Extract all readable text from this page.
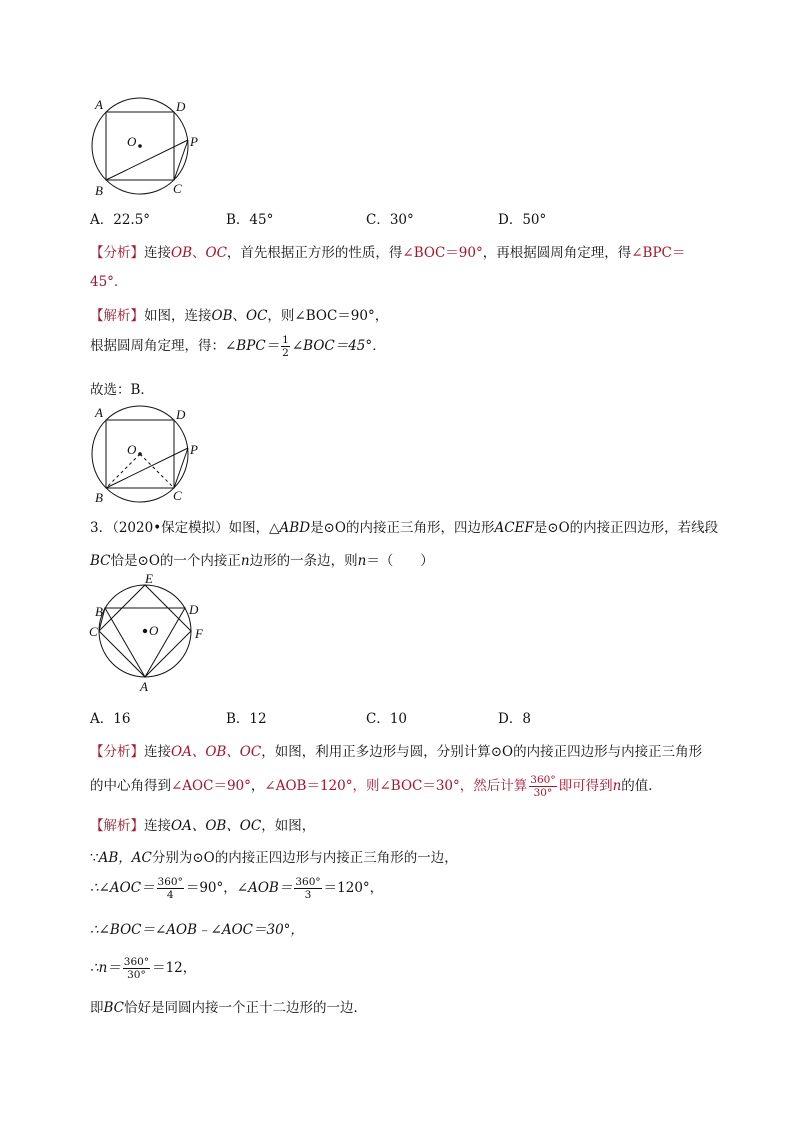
A	D
O	P
B	C
A．22.5°	B．45°	C．30°	D．50°
【分析】连接OB、OC，首先根据正方形的性质，得∠BOC＝90°，再根据圆周角定理，得∠BPC＝
45°．
【解析】如图，连接OB、OC，则∠BOC＝90°，
根据圆周角定理，得：∠BPC＝ $\frac{1}{2}$ ∠BOC＝45°．
故选：B．
A	D
O	P
B	C
3．（2020•保定模拟）如图，△ABD是⊙O的内接正三角形，四边形ACEF是⊙O的内接正四边形，若线段
BC恰是⊙O的一个内接正n边形的一条边，则n＝（　　）
E
B	D
C	O	F
A
A．16	B．12	C．10	D．8
【分析】连接OA、OB、OC，如图，利用正多边形与圆，分别计算⊙O的内接正四边形与内接正三角形
的中心角得到∠AOC＝90°，∠AOB＝120°，则∠BOC＝30°，然后计算 $\frac{360^\circ}{30^\circ}$ 即可得到n的值．
【解析】连接OA、OB、OC，如图，
∵AB，AC分别为⊙O的内接正四边形与内接正三角形的一边，
∴∠AOC＝ $\frac{360^\circ}{4} =90^\circ$，∠AOB＝ $\frac{360^\circ}{3} =120^\circ$，
∴∠BOC＝∠AOB﹣∠AOC＝30°，
∴n＝ $\frac{360^\circ}{30^\circ} =12$，
即BC恰好是同圆内接一个正十二边形的一边．
